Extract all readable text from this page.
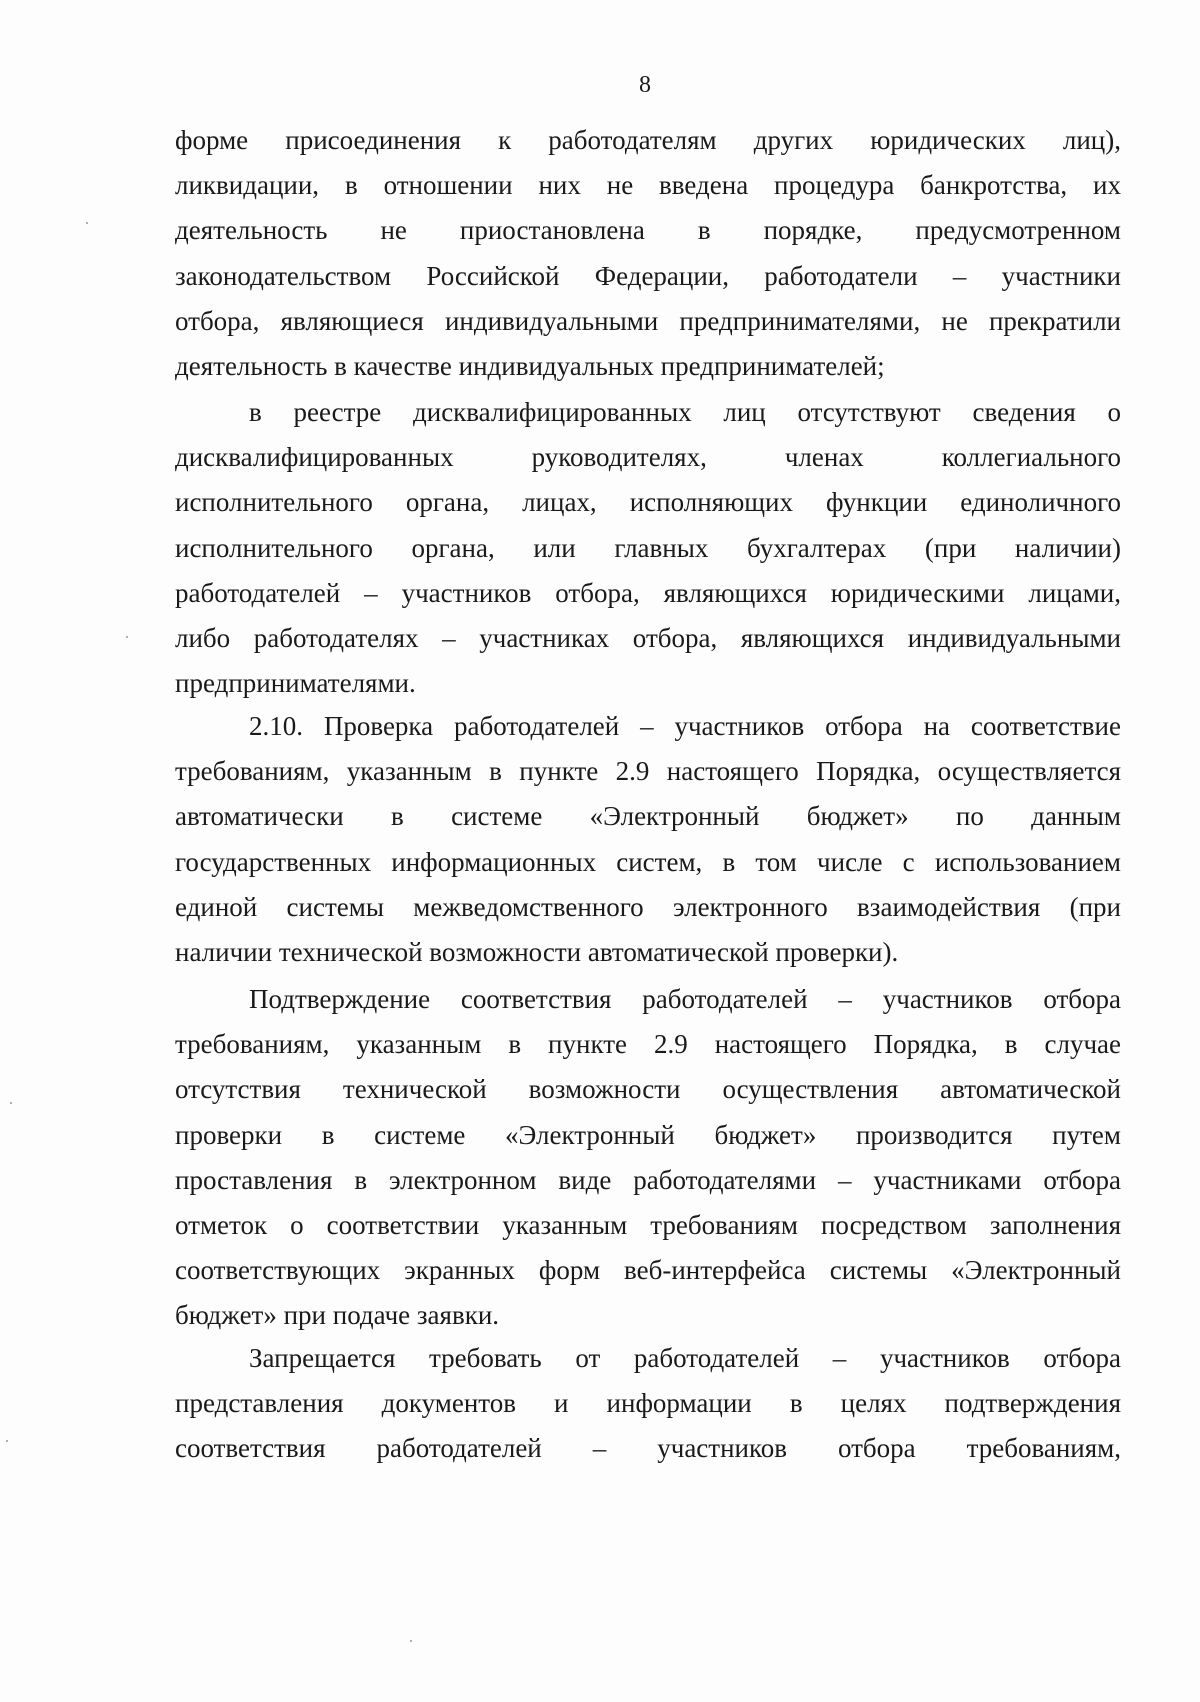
8
форме присоединения к работодателям других юридических лиц),
ликвидации, в отношении них не введена процедура банкротства, их
деятельность не приостановлена в порядке, предусмотренном
законодательством Российской Федерации, работодатели – участники
отбора, являющиеся индивидуальными предпринимателями, не прекратили
деятельность в качестве индивидуальных предпринимателей;
в реестре дисквалифицированных лиц отсутствуют сведения о
дисквалифицированных руководителях, членах коллегиального
исполнительного органа, лицах, исполняющих функции единоличного
исполнительного органа, или главных бухгалтерах (при наличии)
работодателей – участников отбора, являющихся юридическими лицами,
либо работодателях – участниках отбора, являющихся индивидуальными
предпринимателями.
2.10. Проверка работодателей – участников отбора на соответствие
требованиям, указанным в пункте 2.9 настоящего Порядка, осуществляется
автоматически в системе «Электронный бюджет» по данным
государственных информационных систем, в том числе с использованием
единой системы межведомственного электронного взаимодействия (при
наличии технической возможности автоматической проверки).
Подтверждение соответствия работодателей – участников отбора
требованиям, указанным в пункте 2.9 настоящего Порядка, в случае
отсутствия технической возможности осуществления автоматической
проверки в системе «Электронный бюджет» производится путем
проставления в электронном виде работодателями – участниками отбора
отметок о соответствии указанным требованиям посредством заполнения
соответствующих экранных форм веб-интерфейса системы «Электронный
бюджет» при подаче заявки.
Запрещается требовать от работодателей – участников отбора
представления документов и информации в целях подтверждения
соответствия работодателей – участников отбора требованиям,
